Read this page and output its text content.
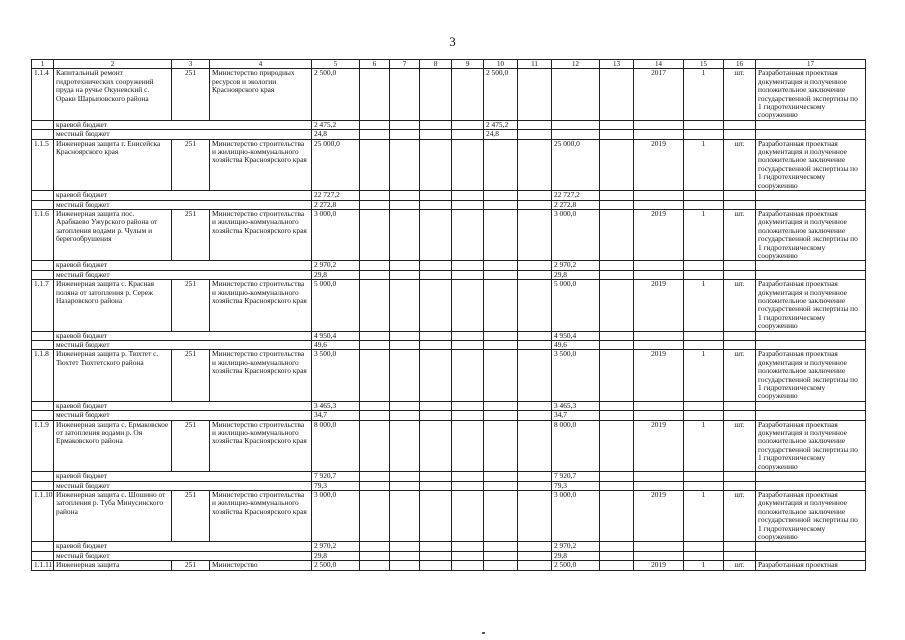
3
1	2	3	4	5	6	7	8	9	10	11	12	13	14	15	16	17
1.1.4	Капитальный ремонт гидротехнических сооружений пруда на ручье Окуневский с. Ораки Шарыповского района	251	Министерство природных ресурсов и экологии Красноярского края	2 500,0					2 500,0				2017	1	шт.	Разработанная проектная документация и полученное положительное заключение государственной экспертизы по 1 гидротехническому сооружению
	краевой бюджет			2 475,2					2 475,2							
	местный бюджет			24,8					24,8							
1.1.5	Инженерная защита г. Енисейска Красноярского края	251	Министерство строительства и жилищно-коммунального хозяйства Красноярского края	25 000,0							25 000,0		2019	1	шт.	Разработанная проектная документация и полученное положительное заключение государственной экспертизы по 1 гидротехническому сооружению
	краевой бюджет			22 727,2							22 727,2					
	местный бюджет			2 272,8							2 272,8					
1.1.6	Инженерная защита пос. Арабкаево Ужурского района от затопления водами р. Чулым и берегообрушения	251	Министерство строительства и жилищно-коммунального хозяйства Красноярского края	3 000,0							3 000,0		2019	1	шт.	Разработанная проектная документация и полученное положительное заключение государственной экспертизы по 1 гидротехническому сооружению
	краевой бюджет			2 970,2							2 970,2					
	местный бюджет			29,8							29,8					
1.1.7	Инженерная защита с. Красная поляна от затопления р. Сереж Назаровского района	251	Министерство строительства и жилищно-коммунального хозяйства Красноярского края	5 000,0							5 000,0		2019	1	шт.	Разработанная проектная документация и полученное положительное заключение государственной экспертизы по 1 гидротехническому сооружению
	краевой бюджет			4 950,4							4 950,4					
	местный бюджет			49,6							49,6					
1.1.8	Инженерная защита р. Тюхтет с. Тюхтет Тюхтетского района	251	Министерство строительства и жилищно-коммунального хозяйства Красноярского края	3 500,0							3 500,0		2019	1	шт.	Разработанная проектная документация и полученное положительное заключение государственной экспертизы по 1 гидротехническому сооружению
	краевой бюджет			3 465,3							3 465,3					
	местный бюджет			34,7							34,7					
1.1.9	Инженерная защита с. Ермаковское от затопления водами р. Оя Ермаковского района	251	Министерство строительства и жилищно-коммунального хозяйства Красноярского края	8 000,0							8 000,0		2019	1	шт.	Разработанная проектная документация и полученное положительное заключение государственной экспертизы по 1 гидротехническому сооружению
	краевой бюджет			7 920,7							7 920,7					
	местный бюджет			79,3							79,3					
1.1.10	Инженерная защита с. Шошино от затопления р. Туба Минусинского района	251	Министерство строительства и жилищно-коммунального хозяйства Красноярского края	3 000,0							3 000,0		2019	1	шт.	Разработанная проектная документация и полученное положительное заключение государственной экспертизы по 1 гидротехническому сооружению
	краевой бюджет			2 970,2							2 970,2					
	местный бюджет			29,8							29,8					
1.1.11	Инженерная защита	251	Министерство	2 500,0							2 500,0		2019	1	шт.	Разработанная проектная
